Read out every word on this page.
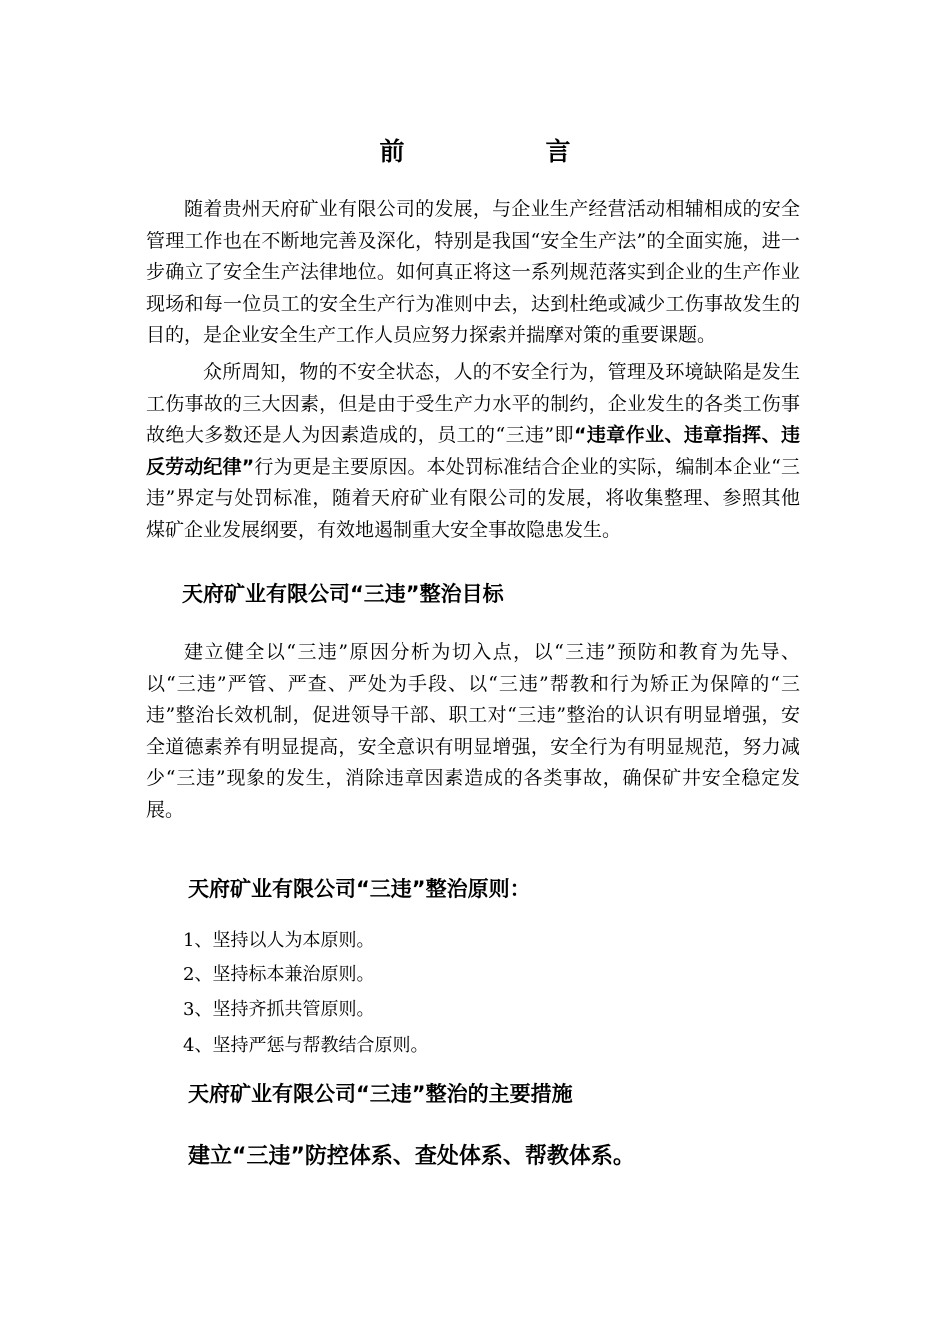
前　言

随着贵州天府矿业有限公司的发展，与企业生产经营活动相辅相成的安全管理工作也在不断地完善及深化，特别是我国“安全生产法”的全面实施，进一步确立了安全生产法律地位。如何真正将这一系列规范落实到企业的生产作业现场和每一位员工的安全生产行为准则中去，达到杜绝或减少工伤事故发生的目的，是企业安全生产工作人员应努力探索并揣摩对策的重要课题。

众所周知，物的不安全状态，人的不安全行为，管理及环境缺陷是发生工伤事故的三大因素，但是由于受生产力水平的制约，企业发生的各类工伤事故绝大多数还是人为因素造成的，员工的“三违”即“违章作业、违章指挥、违反劳动纪律”行为更是主要原因。本处罚标准结合企业的实际，编制本企业“三违”界定与处罚标准，随着天府矿业有限公司的发展，将收集整理、参照其他煤矿企业发展纲要，有效地遏制重大安全事故隐患发生。

天府矿业有限公司“三违”整治目标

建立健全以“三违”原因分析为切入点，以“三违”预防和教育为先导、以“三违”严管、严查、严处为手段、以“三违”帮教和行为矫正为保障的“三违”整治长效机制，促进领导干部、职工对“三违”整治的认识有明显增强，安全道德素养有明显提高，安全意识有明显增强，安全行为有明显规范，努力减少“三违”现象的发生，消除违章因素造成的各类事故，确保矿井安全稳定发展。

天府矿业有限公司“三违”整治原则：
1、坚持以人为本原则。
2、坚持标本兼治原则。
3、坚持齐抓共管原则。
4、坚持严惩与帮教结合原则。
天府矿业有限公司“三违”整治的主要措施
建立“三违”防控体系、查处体系、帮教体系。
